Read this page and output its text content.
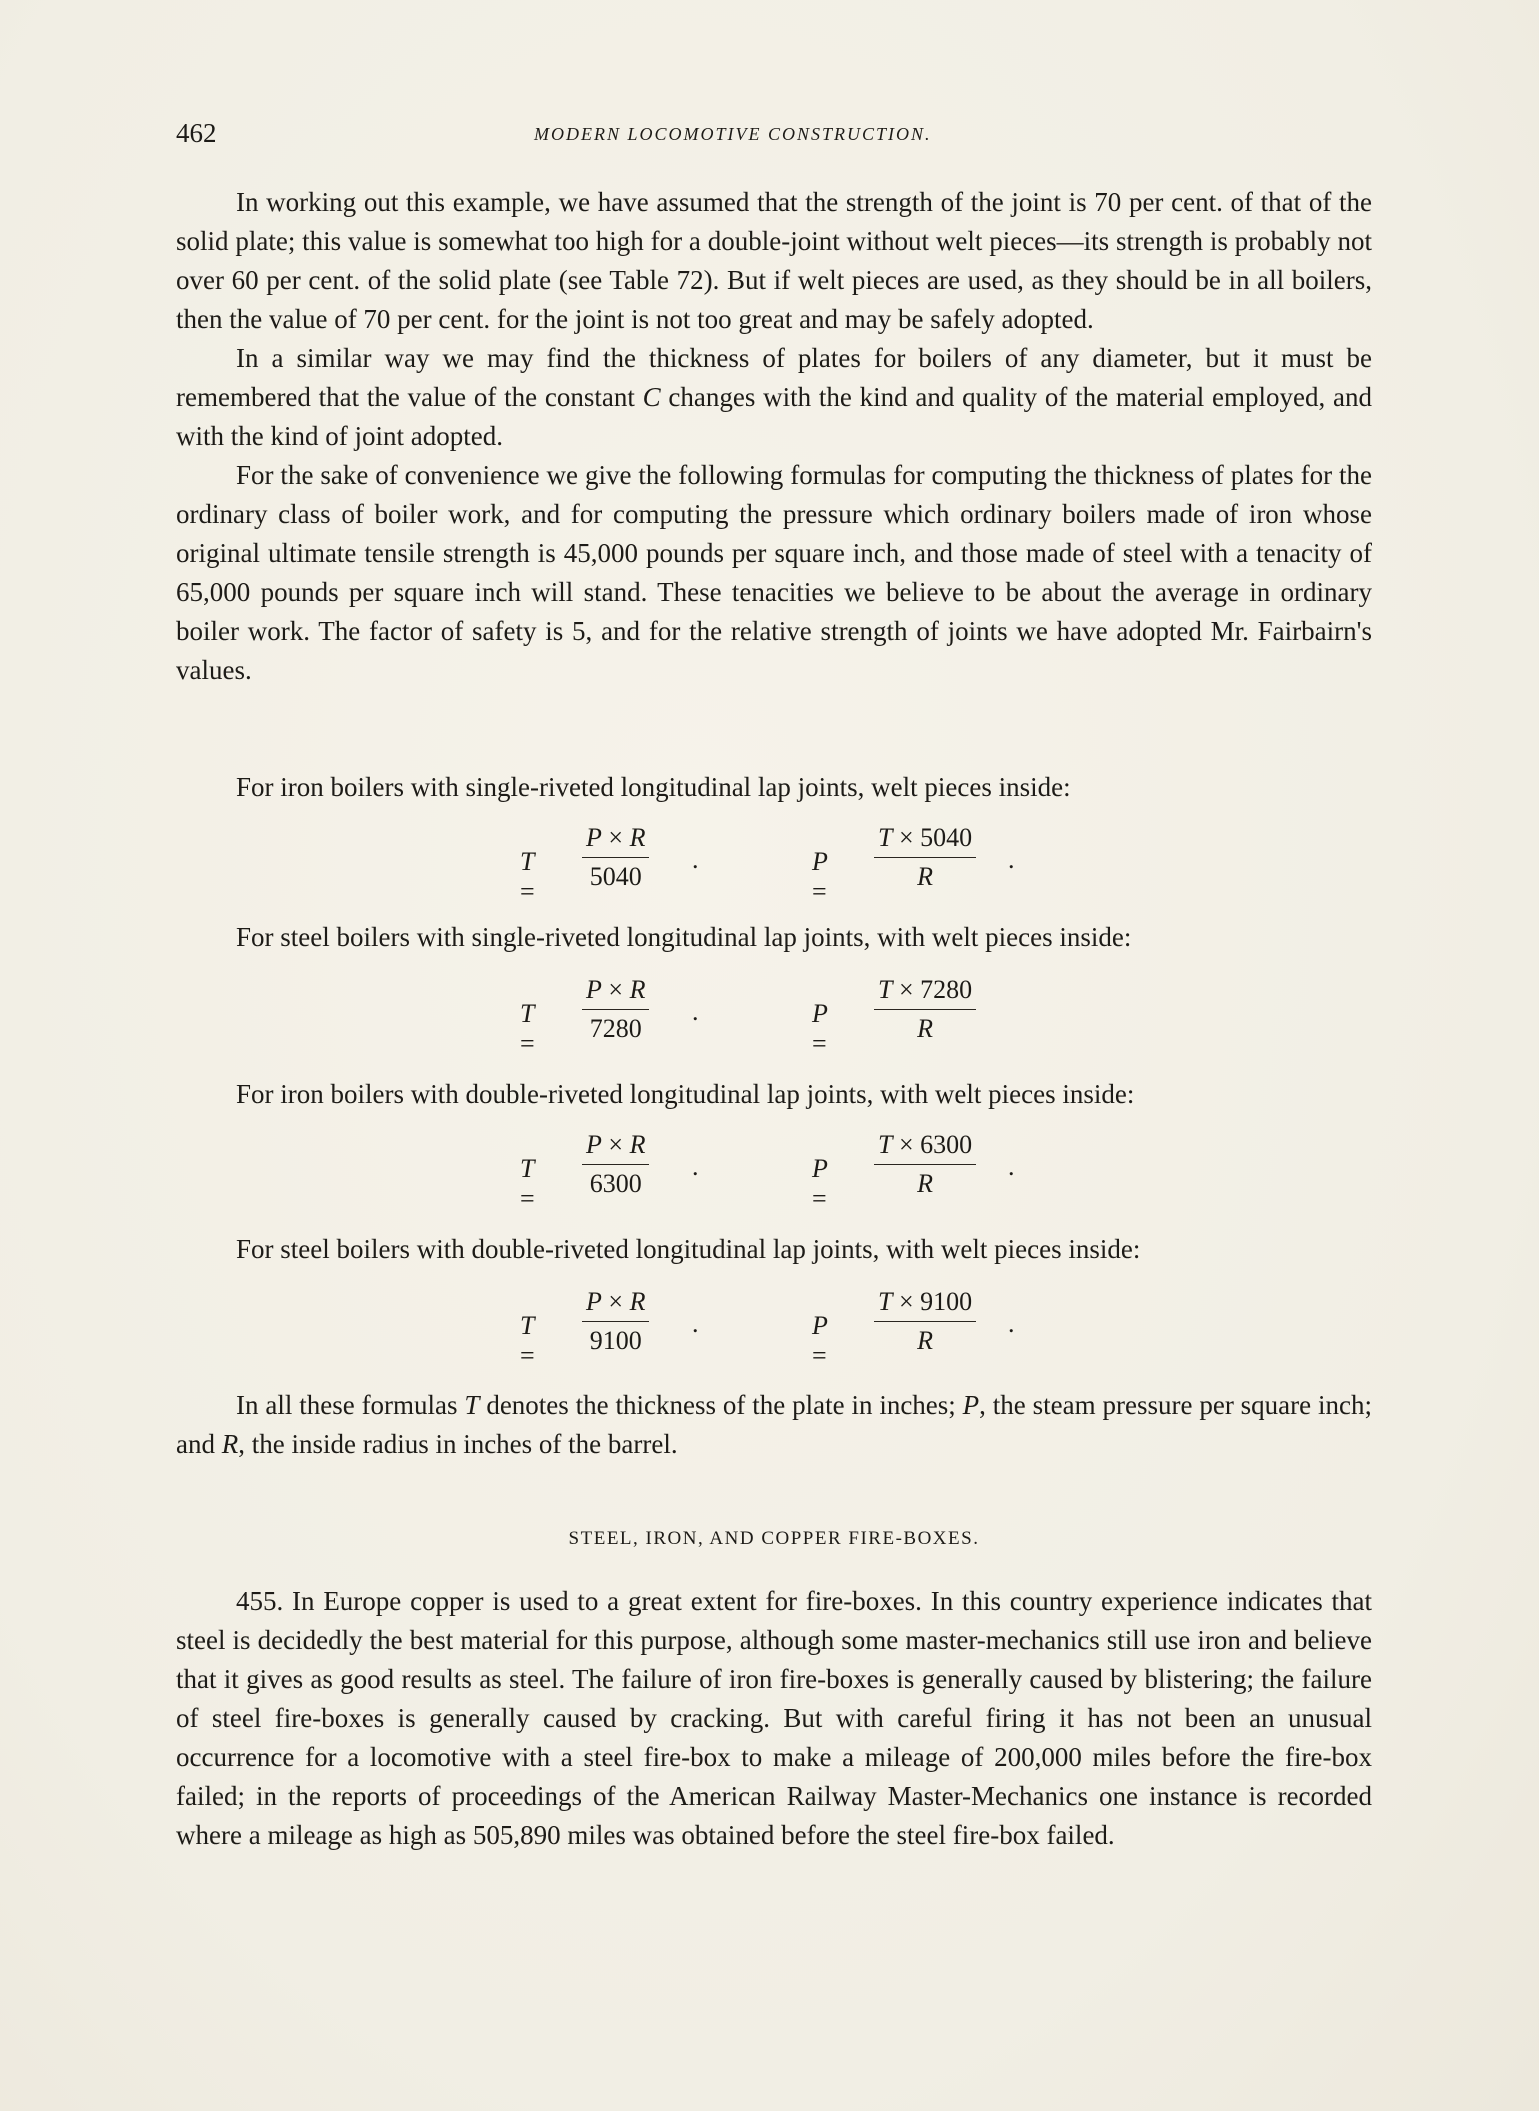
462	MODERN LOCOMOTIVE CONSTRUCTION.

In working out this example, we have assumed that the strength of the joint is 70 per cent. of that of the solid plate; this value is somewhat too high for a double-joint without welt pieces—its strength is probably not over 60 per cent. of the solid plate (see Table 72). But if welt pieces are used, as they should be in all boilers, then the value of 70 per cent. for the joint is not too great and may be safely adopted.

In a similar way we may find the thickness of plates for boilers of any diameter, but it must be remembered that the value of the constant C changes with the kind and quality of the material employed, and with the kind of joint adopted.

For the sake of convenience we give the following formulas for computing the thickness of plates for the ordinary class of boiler work, and for computing the pressure which ordinary boilers made of iron whose original ultimate tensile strength is 45,000 pounds per square inch, and those made of steel with a tenacity of 65,000 pounds per square inch will stand. These tenacities we believe to be about the average in ordinary boiler work. The factor of safety is 5, and for the relative strength of joints we have adopted Mr. Fairbairn's values.

For iron boilers with single-riveted longitudinal lap joints, welt pieces inside:

$T = \frac{P \times R}{5040}$ .	$P = \frac{T \times 5040}{R}$ .

For steel boilers with single-riveted longitudinal lap joints, with welt pieces inside:

$T = \frac{P \times R}{7280}$ .	$P = \frac{T \times 7280}{R}$

For iron boilers with double-riveted longitudinal lap joints, with welt pieces inside:

$T = \frac{P \times R}{6300}$ .	$P = \frac{T \times 6300}{R}$ .

For steel boilers with double-riveted longitudinal lap joints, with welt pieces inside:

$T = \frac{P \times R}{9100}$ .	$P = \frac{T \times 9100}{R}$ .

In all these formulas T denotes the thickness of the plate in inches; P, the steam pressure per square inch; and R, the inside radius in inches of the barrel.

STEEL, IRON, AND COPPER FIRE-BOXES.

455. In Europe copper is used to a great extent for fire-boxes. In this country experience indicates that steel is decidedly the best material for this purpose, although some master-mechanics still use iron and believe that it gives as good results as steel. The failure of iron fire-boxes is generally caused by blistering; the failure of steel fire-boxes is generally caused by cracking. But with careful firing it has not been an unusual occurrence for a locomotive with a steel fire-box to make a mileage of 200,000 miles before the fire-box failed; in the reports of proceedings of the American Railway Master-Mechanics one instance is recorded where a mileage as high as 505,890 miles was obtained before the steel fire-box failed.
